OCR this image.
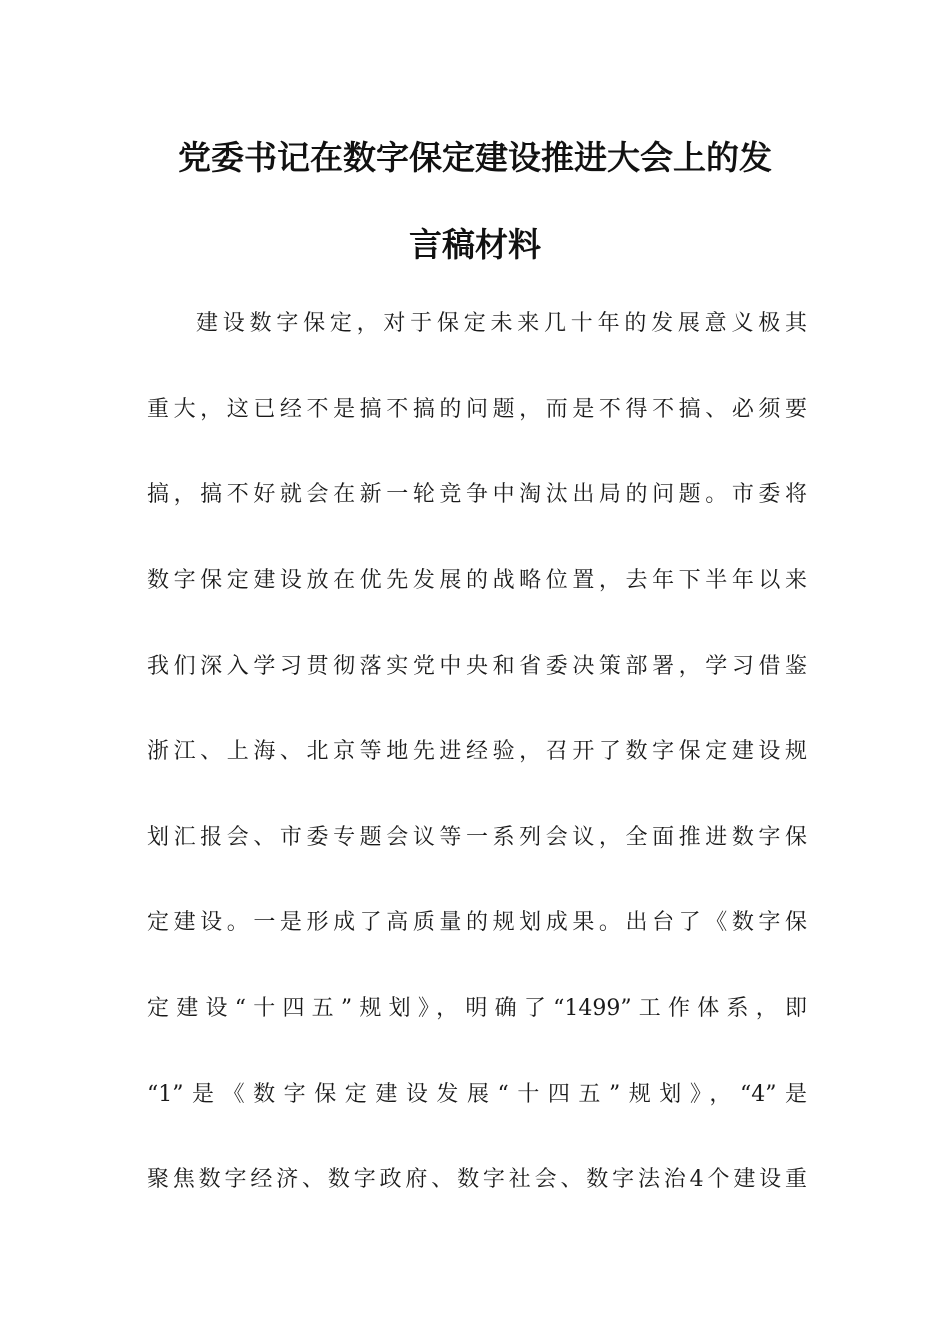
党委书记在数字保定建设推进大会上的发
言稿材料
建设数字保定，对于保定未来几十年的发展意义极其
重大，这已经不是搞不搞的问题，而是不得不搞、必须要
搞，搞不好就会在新一轮竞争中淘汰出局的问题。市委将
数字保定建设放在优先发展的战略位置，去年下半年以来
我们深入学习贯彻落实党中央和省委决策部署，学习借鉴
浙江、上海、北京等地先进经验，召开了数字保定建设规
划汇报会、市委专题会议等一系列会议，全面推进数字保
定建设。一是形成了高质量的规划成果。出台了《数字保
定建设“十四五”规划》，明确了“1499”工作体系，即
“1”是《数字保定建设发展“十四五”规划》，“4”是
聚焦数字经济、数字政府、数字社会、数字法治4个建设重
